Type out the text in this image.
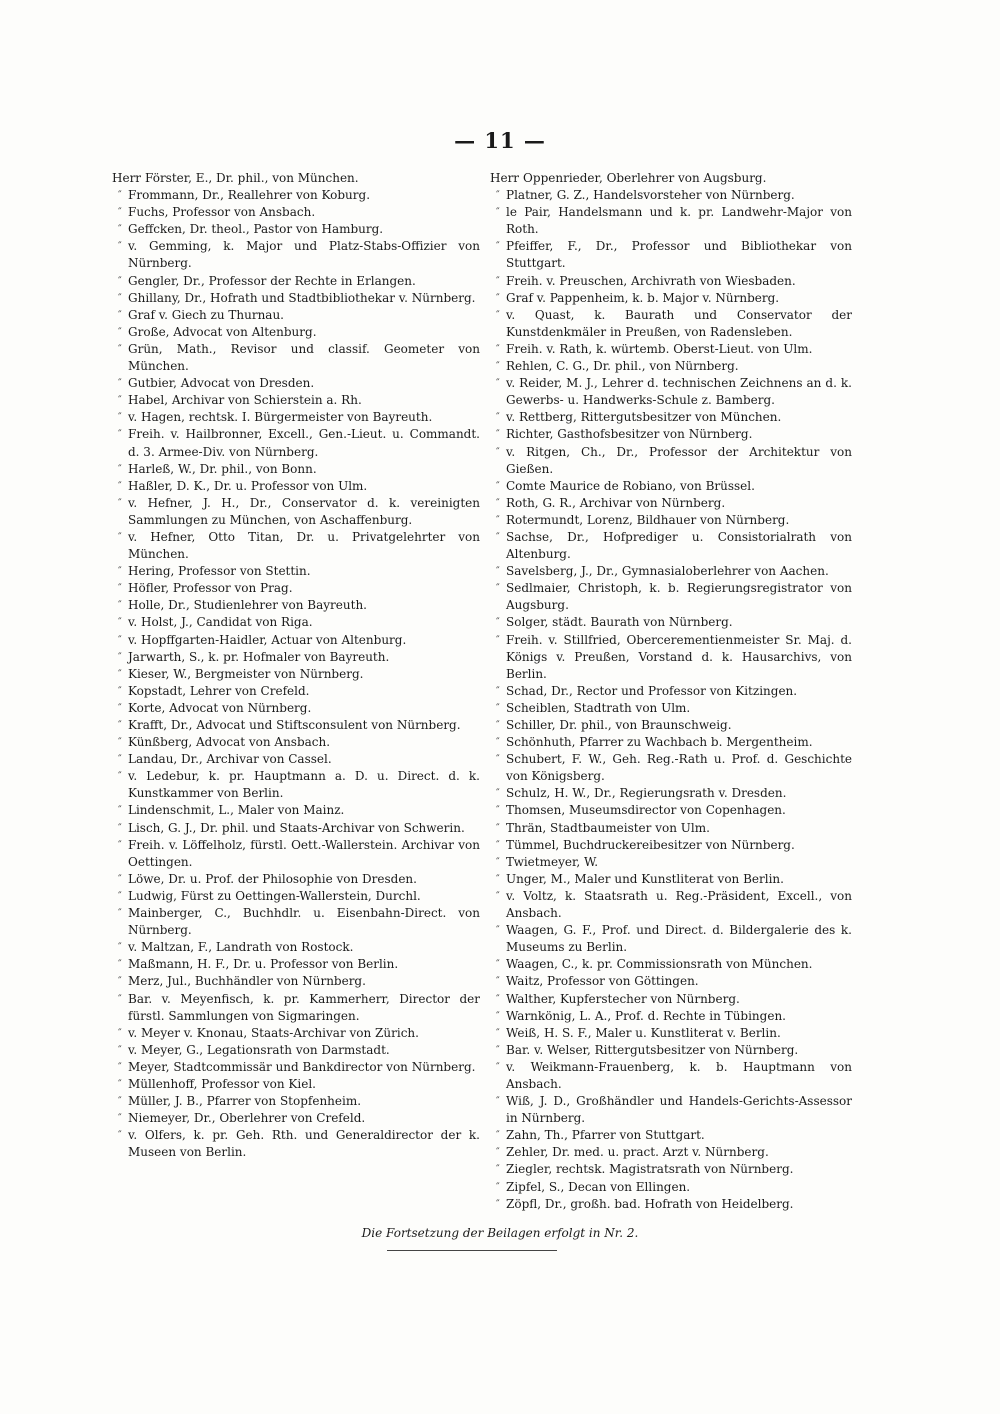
— 11 —
Herr Förster, E., Dr. phil., von München.
″ Frommann, Dr., Reallehrer von Koburg.
″ Fuchs, Professor von Ansbach.
″ Geffcken, Dr. theol., Pastor von Hamburg.
″ v. Gemming, k. Major und Platz-Stabs-Offizier von Nürnberg.
″ Gengler, Dr., Professor der Rechte in Erlangen.
″ Ghillany, Dr., Hofrath und Stadtbibliothekar v. Nürnberg.
″ Graf v. Giech zu Thurnau.
″ Große, Advocat von Altenburg.
″ Grün, Math., Revisor und classif. Geometer von München.
″ Gutbier, Advocat von Dresden.
″ Habel, Archivar von Schierstein a. Rh.
″ v. Hagen, rechtsk. I. Bürgermeister von Bayreuth.
″ Freih. v. Hailbronner, Excell., Gen.-Lieut. u. Commandt. d. 3. Armee-Div. von Nürnberg.
″ Harleß, W., Dr. phil., von Bonn.
″ Haßler, D. K., Dr. u. Professor von Ulm.
″ v. Hefner, J. H., Dr., Conservator d. k. vereinigten Sammlungen zu München, von Aschaffenburg.
″ v. Hefner, Otto Titan, Dr. u. Privatgelehrter von München.
″ Hering, Professor von Stettin.
″ Höfler, Professor von Prag.
″ Holle, Dr., Studienlehrer von Bayreuth.
″ v. Holst, J., Candidat von Riga.
″ v. Hopffgarten-Haidler, Actuar von Altenburg.
″ Jarwarth, S., k. pr. Hofmaler von Bayreuth.
″ Kieser, W., Bergmeister von Nürnberg.
″ Kopstadt, Lehrer von Crefeld.
″ Korte, Advocat von Nürnberg.
″ Krafft, Dr., Advocat und Stiftsconsulent von Nürnberg.
″ Künßberg, Advocat von Ansbach.
″ Landau, Dr., Archivar von Cassel.
″ v. Ledebur, k. pr. Hauptmann a. D. u. Direct. d. k. Kunstkammer von Berlin.
″ Lindenschmit, L., Maler von Mainz.
″ Lisch, G. J., Dr. phil. und Staats-Archivar von Schwerin.
″ Freih. v. Löffelholz, fürstl. Oett.-Wallerstein. Archivar von Oettingen.
″ Löwe, Dr. u. Prof. der Philosophie von Dresden.
″ Ludwig, Fürst zu Oettingen-Wallerstein, Durchl.
″ Mainberger, C., Buchhdlr. u. Eisenbahn-Direct. von Nürnberg.
″ v. Maltzan, F., Landrath von Rostock.
″ Maßmann, H. F., Dr. u. Professor von Berlin.
″ Merz, Jul., Buchhändler von Nürnberg.
″ Bar. v. Meyenfisch, k. pr. Kammerherr, Director der fürstl. Sammlungen von Sigmaringen.
″ v. Meyer v. Knonau, Staats-Archivar von Zürich.
″ v. Meyer, G., Legationsrath von Darmstadt.
″ Meyer, Stadtcommissär und Bankdirector von Nürnberg.
″ Müllenhoff, Professor von Kiel.
″ Müller, J. B., Pfarrer von Stopfenheim.
″ Niemeyer, Dr., Oberlehrer von Crefeld.
″ v. Olfers, k. pr. Geh. Rth. und Generaldirector der k. Museen von Berlin.
Herr Oppenrieder, Oberlehrer von Augsburg.
″ Platner, G. Z., Handelsvorsteher von Nürnberg.
″ le Pair, Handelsmann und k. pr. Landwehr-Major von Roth.
″ Pfeiffer, F., Dr., Professor und Bibliothekar von Stuttgart.
″ Freih. v. Preuschen, Archivrath von Wiesbaden.
″ Graf v. Pappenheim, k. b. Major v. Nürnberg.
″ v. Quast, k. Baurath und Conservator der Kunstdenkmäler in Preußen, von Radensleben.
″ Freih. v. Rath, k. würtemb. Oberst-Lieut. von Ulm.
″ Rehlen, C. G., Dr. phil., von Nürnberg.
″ v. Reider, M. J., Lehrer d. technischen Zeichnens an d. k. Gewerbs- u. Handwerks-Schule z. Bamberg.
″ v. Rettberg, Rittergutsbesitzer von München.
″ Richter, Gasthofsbesitzer von Nürnberg.
″ v. Ritgen, Ch., Dr., Professor der Architektur von Gießen.
″ Comte Maurice de Robiano, von Brüssel.
″ Roth, G. R., Archivar von Nürnberg.
″ Rotermundt, Lorenz, Bildhauer von Nürnberg.
″ Sachse, Dr., Hofprediger u. Consistorialrath von Altenburg.
″ Savelsberg, J., Dr., Gymnasialoberlehrer von Aachen.
″ Sedlmaier, Christoph, k. b. Regierungsregistrator von Augsburg.
″ Solger, städt. Baurath von Nürnberg.
″ Freih. v. Stillfried, Obercerementienmeister Sr. Maj. d. Königs v. Preußen, Vorstand d. k. Hausarchivs, von Berlin.
″ Schad, Dr., Rector und Professor von Kitzingen.
″ Scheiblen, Stadtrath von Ulm.
″ Schiller, Dr. phil., von Braunschweig.
″ Schönhuth, Pfarrer zu Wachbach b. Mergentheim.
″ Schubert, F. W., Geh. Reg.-Rath u. Prof. d. Geschichte von Königsberg.
″ Schulz, H. W., Dr., Regierungsrath v. Dresden.
″ Thomsen, Museumsdirector von Copenhagen.
″ Thrän, Stadtbaumeister von Ulm.
″ Tümmel, Buchdruckereibesitzer von Nürnberg.
″ Twietmeyer, W.
″ Unger, M., Maler und Kunstliterat von Berlin.
″ v. Voltz, k. Staatsrath u. Reg.-Präsident, Excell., von Ansbach.
″ Waagen, G. F., Prof. und Direct. d. Bildergalerie des k. Museums zu Berlin.
″ Waagen, C., k. pr. Commissionsrath von München.
″ Waitz, Professor von Göttingen.
″ Walther, Kupferstecher von Nürnberg.
″ Warnkönig, L. A., Prof. d. Rechte in Tübingen.
″ Weiß, H. S. F., Maler u. Kunstliterat v. Berlin.
″ Bar. v. Welser, Rittergutsbesitzer von Nürnberg.
″ v. Weikmann-Frauenberg, k. b. Hauptmann von Ansbach.
″ Wiß, J. D., Großhändler und Handels-Gerichts-Assessor in Nürnberg.
″ Zahn, Th., Pfarrer von Stuttgart.
″ Zehler, Dr. med. u. pract. Arzt v. Nürnberg.
″ Ziegler, rechtsk. Magistratsrath von Nürnberg.
″ Zipfel, S., Decan von Ellingen.
″ Zöpfl, Dr., großh. bad. Hofrath von Heidelberg.
Die Fortsetzung der Beilagen erfolgt in Nr. 2.
